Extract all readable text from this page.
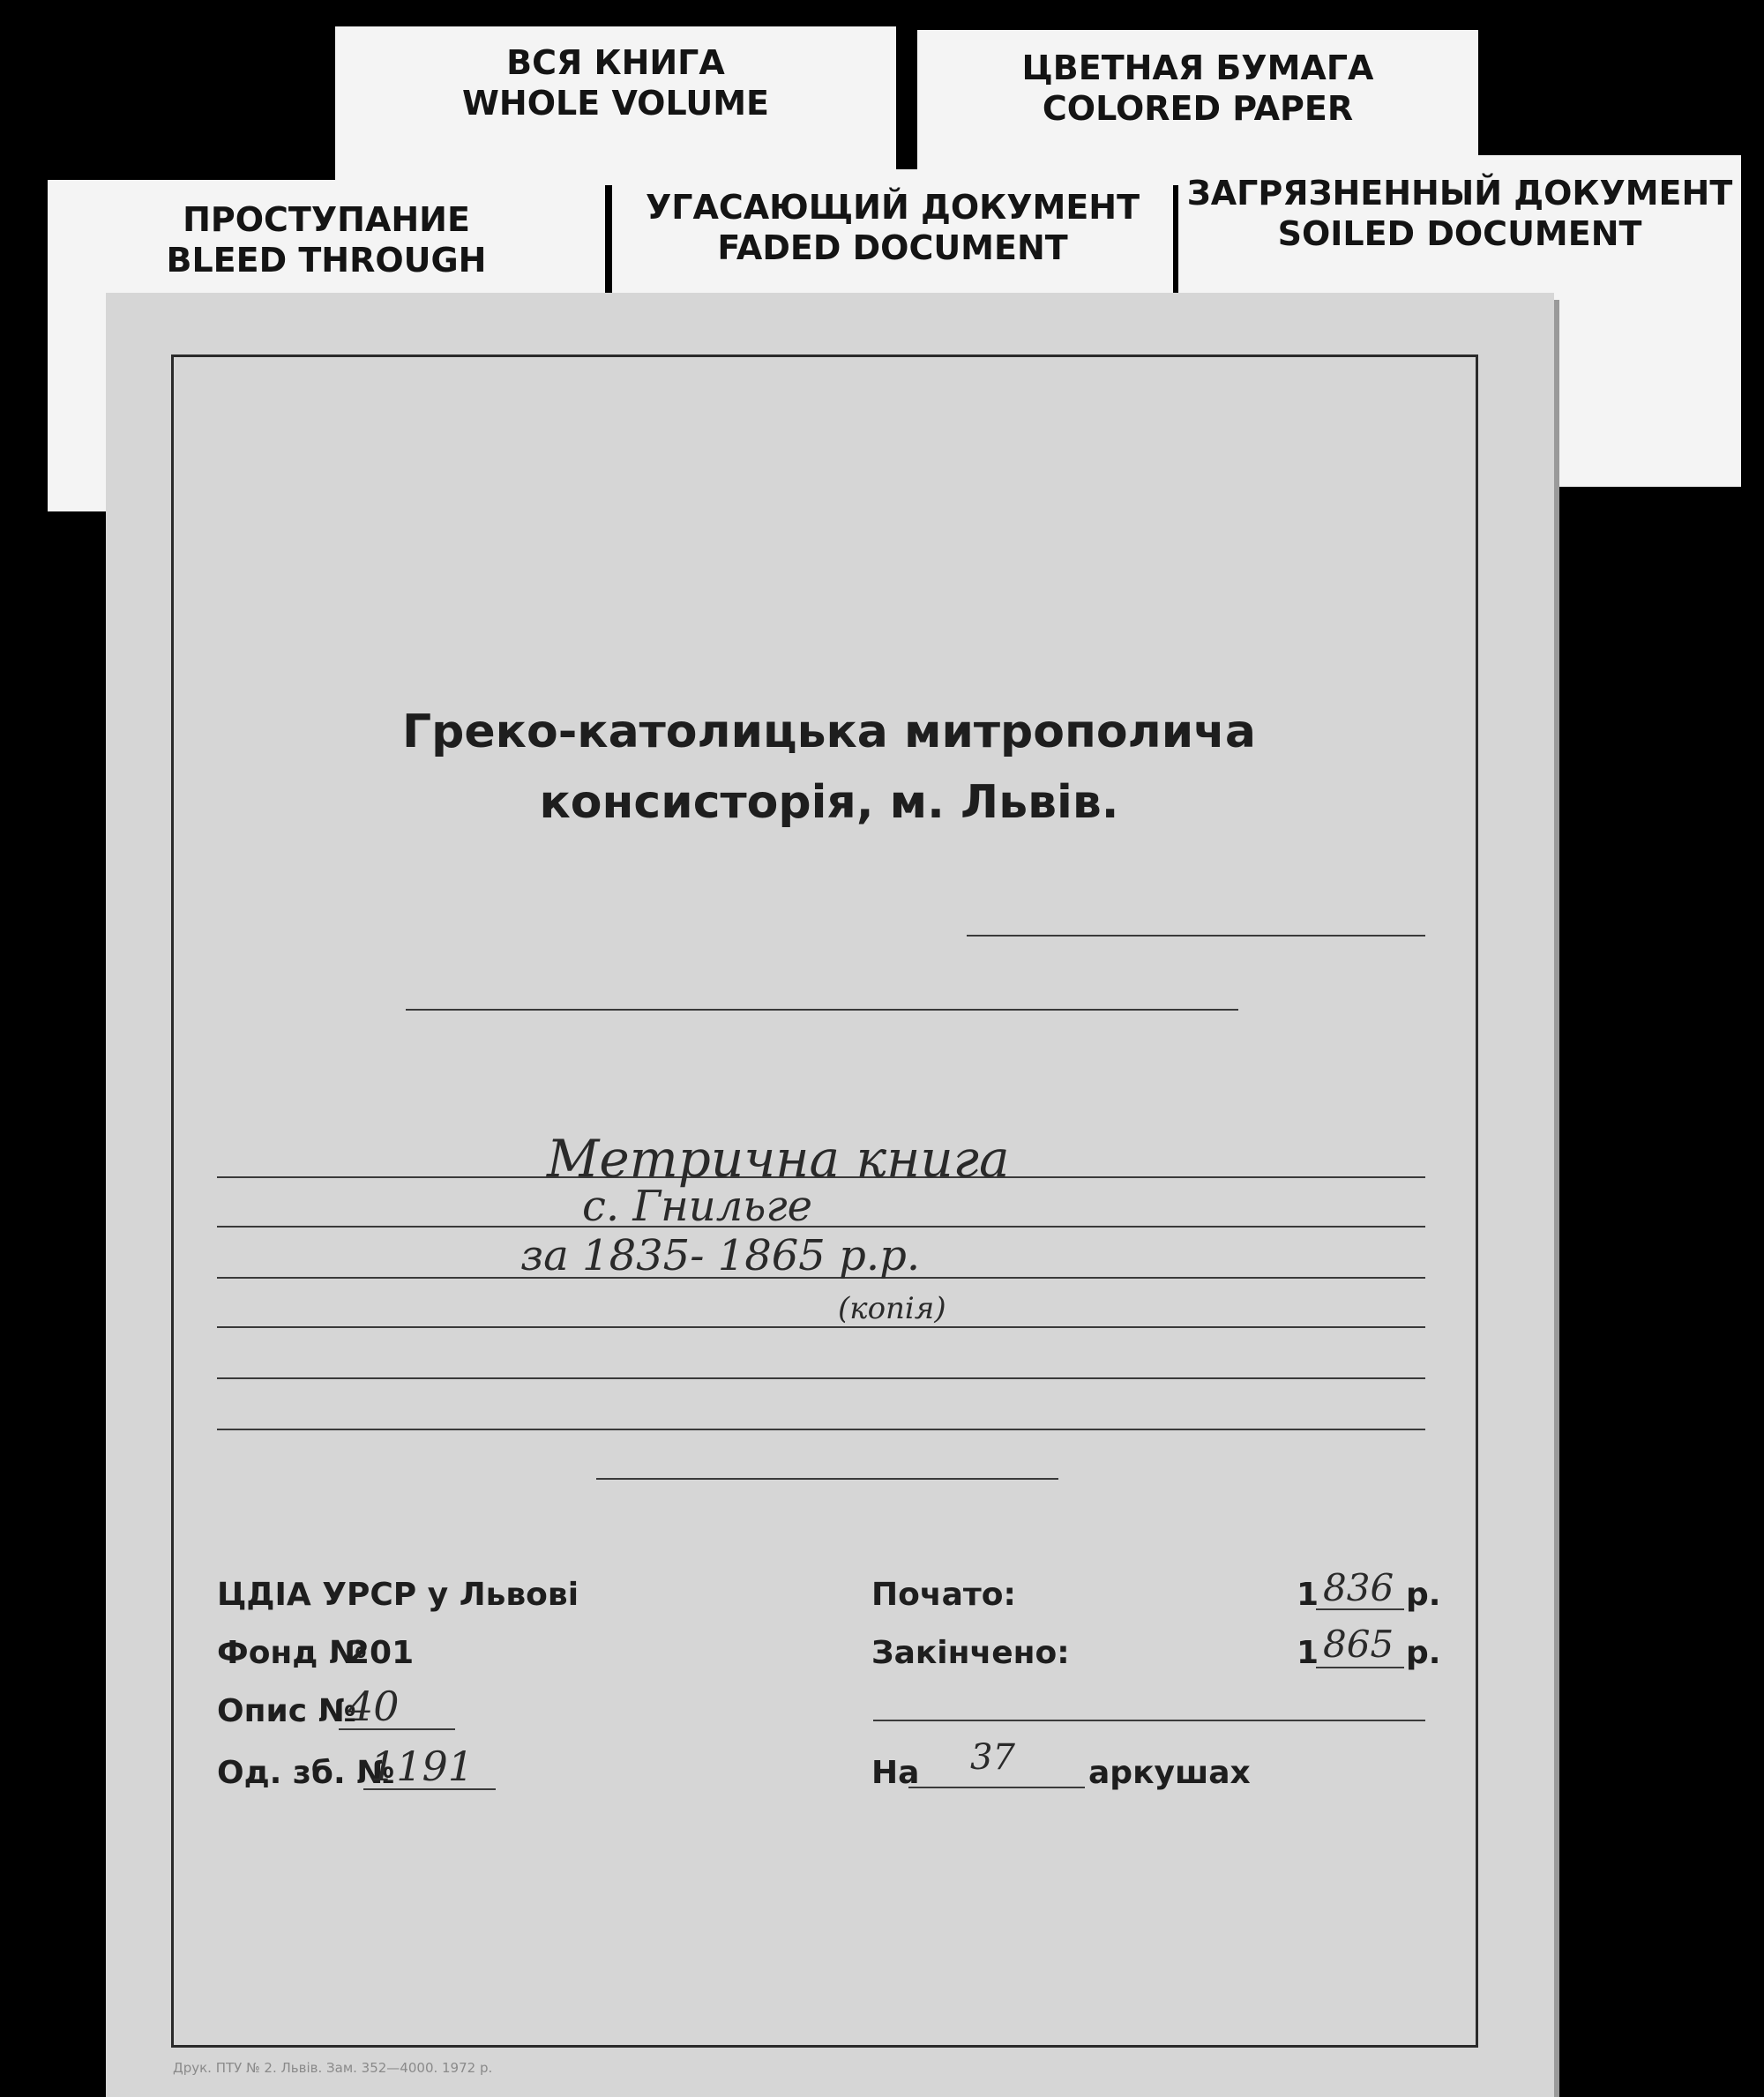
ВСЯ КНИГА
WHOLE VOLUME
ЦВЕТНАЯ БУМАГА
COLORED PAPER
ПРОСТУПАНИЕ
BLEED THROUGH
УГАСАЮЩИЙ ДОКУМЕНТ
FADED DOCUMENT
ЗАГРЯЗНЕННЫЙ ДОКУМЕНТ
SOILED DOCUMENT
Греко-католицька митрополича
консисторія, м. Львів.
Метрична книга
с. Гнильге
за 1835- 1865 р.р.
(копія)
ЦДІА УРСР у Львові
Фонд №
201
Опис №
40
Од. зб. №
1191
Почато:	1 836 р.
Закінчено:	1 865 р.
На 37 аркушах
Друк. ПТУ № 2. Львів. Зам. 352—4000. 1972 р.
